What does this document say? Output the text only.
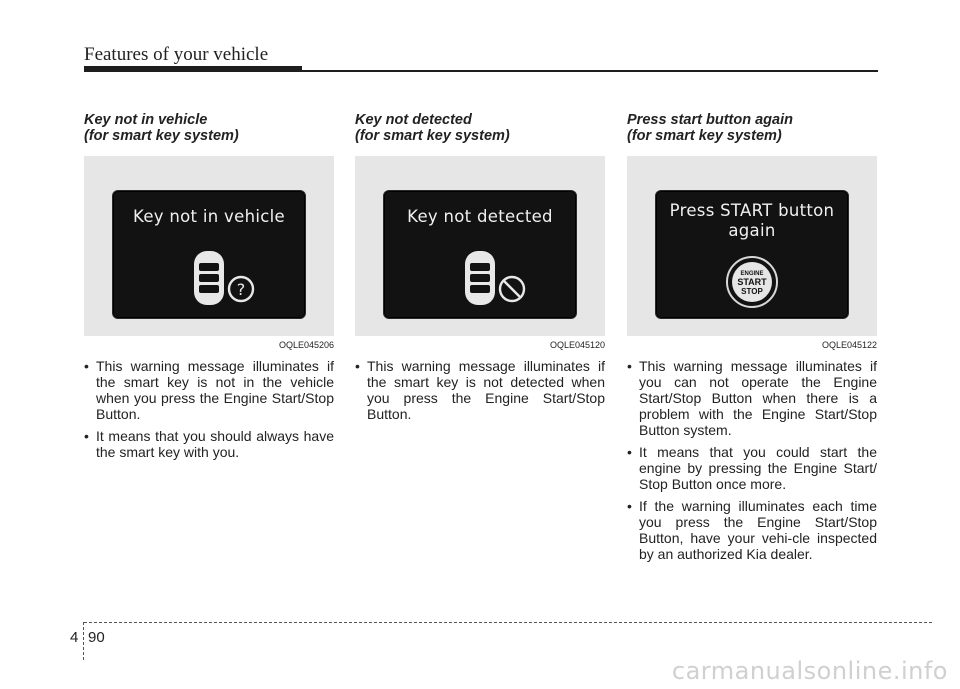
Features of your vehicle
Key not in vehicle
(for smart key system)
Key not in vehicle
?
OQLE045206
• This warning message illuminates if the smart key is not in the vehicle when you press the Engine Start/Stop Button.
• It means that you should always have the smart key with you.
Key not detected
(for smart key system)
Key not detected
OQLE045120
• This warning message illuminates if the smart key is not detected when you press the Engine Start/Stop Button.
Press start button again
(for smart key system)
Press START button
again
ENGINE
START
STOP
OQLE045122
• This warning message illuminates if you can not operate the Engine Start/Stop Button when there is a problem with the Engine Start/Stop Button system.
• It means that you could start the engine by pressing the Engine Start/ Stop Button once more.
• If the warning illuminates each time you press the Engine Start/Stop Button, have your vehi-cle inspected by an authorized Kia dealer.
4 90
carmanualsonline.info
